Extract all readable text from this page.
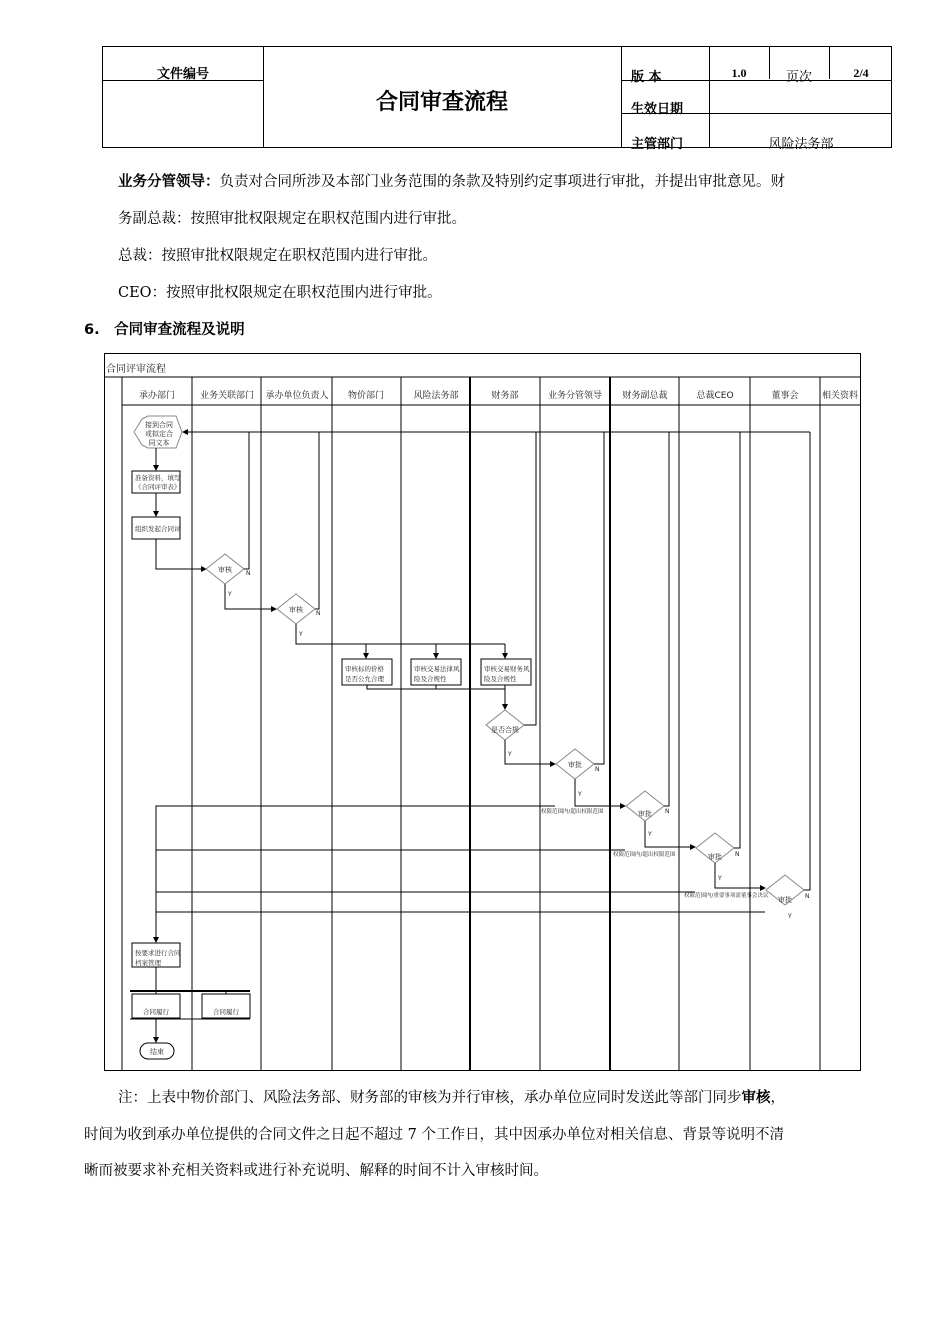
文件编号
合同审查流程
版 本	1.0	页次	2/4
生效日期
主管部门	风险法务部
业务分管领导：负责对合同所涉及本部门业务范围的条款及特别约定事项进行审批，并提出审批意见。财
务副总裁：按照审批权限规定在职权范围内进行审批。
总裁：按照审批权限规定在职权范围内进行审批。
CEO：按照审批权限规定在职权范围内进行审批。
6.　合同审查流程及说明
合同评审流程
承办部门	业务关联部门 承办单位负责人 物价部门	风险法务部	财务部	业务分管领导 财务副总裁	总裁CEO	董事会	相关资料
接到合同
或拟定合
同文本
准备资料，填写
《合同评审表》
组织发起合同评
审核 N
Y
审核 N
Y
审核标的价格
是否公允合理
审核交易法律风
险及合规性
审核交易财务风
险及合规性
是否合规
Y
审批
N
Y
权限范围内/超出权限范围	审批 N
Y
权限范围内/超出权限范围	审批 N
Y
权限范围内/重要事项需董事会决议 审批 N
Y
按要求进行合同
档案管理
合同履行	合同履行
结束
注：上表中物价部门、风险法务部、财务部的审核为并行审核，承办单位应同时发送此等部门同步审核，
时间为收到承办单位提供的合同文件之日起不超过 7 个工作日，其中因承办单位对相关信息、背景等说明不清
晰而被要求补充相关资料或进行补充说明、解释的时间不计入审核时间。
